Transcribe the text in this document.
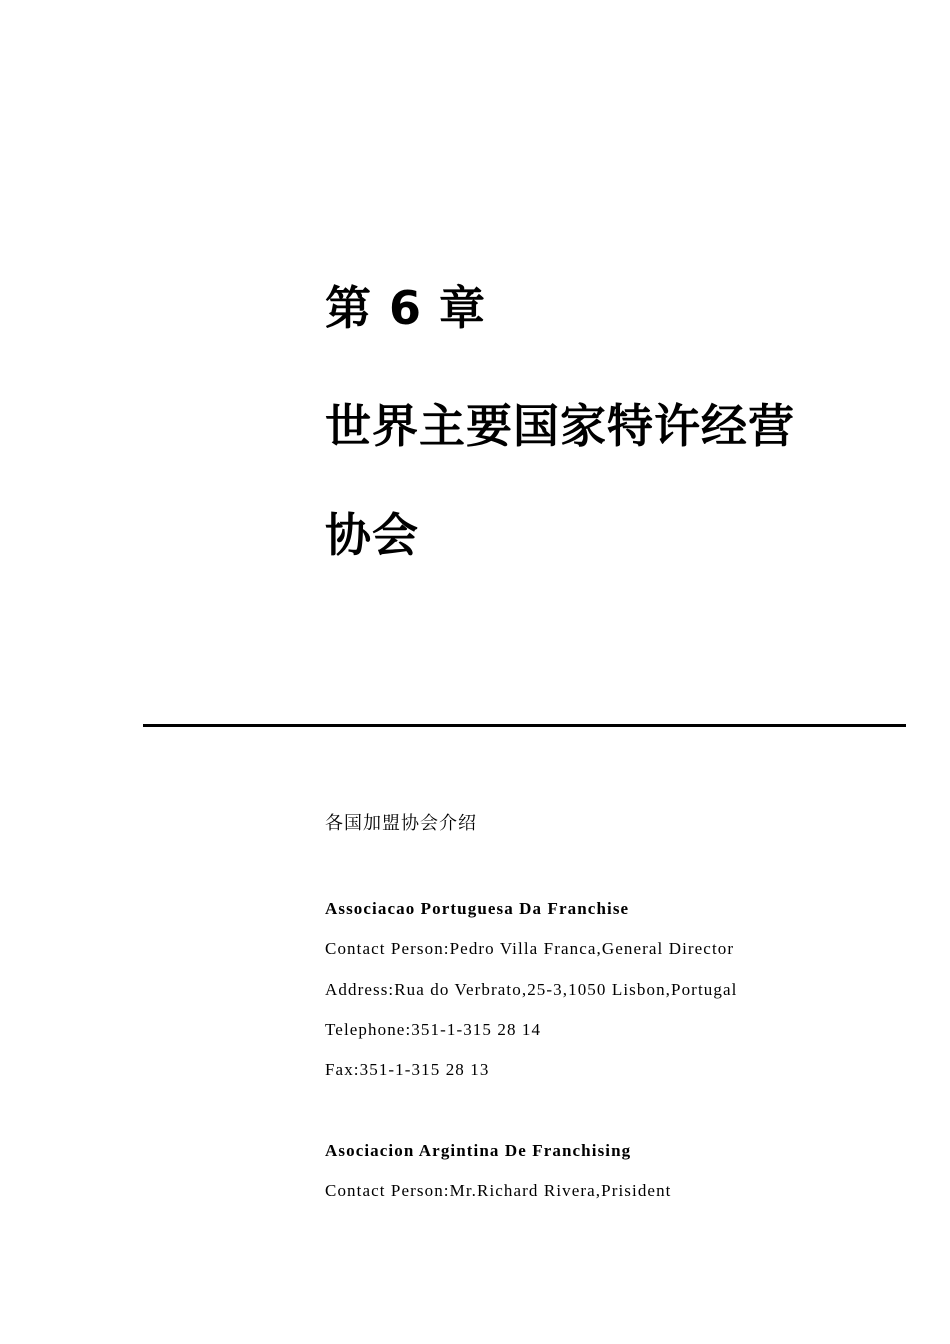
第 6 章
世界主要国家特许经营
协会
各国加盟协会介绍
Associacao Portuguesa Da Franchise
Contact Person:Pedro Villa Franca,General Director
Address:Rua do Verbrato,25-3,1050 Lisbon,Portugal
Telephone:351-1-315 28 14
Fax:351-1-315 28 13
Asociacion Argintina De Franchising
Contact Person:Mr.Richard Rivera,Prisident
